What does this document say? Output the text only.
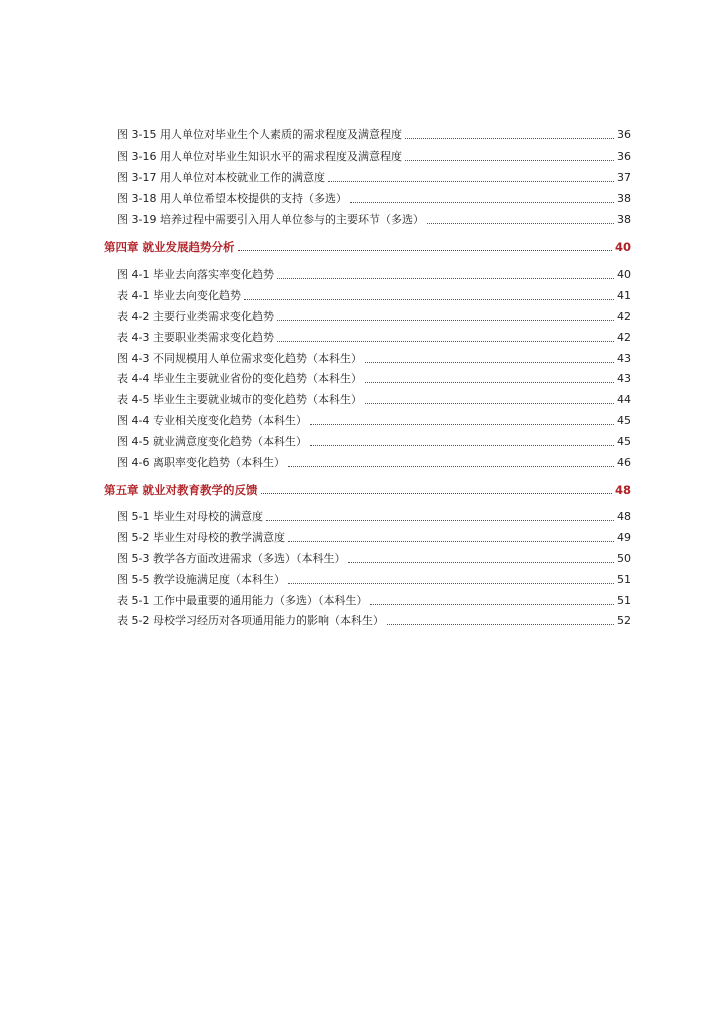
图 3-15 用人单位对毕业生个人素质的需求程度及满意程度	36
图 3-16 用人单位对毕业生知识水平的需求程度及满意程度	36
图 3-17 用人单位对本校就业工作的满意度	37
图 3-18 用人单位希望本校提供的支持（多选）	38
图 3-19 培养过程中需要引入用人单位参与的主要环节（多选）	38
第四章 就业发展趋势分析	40
图 4-1 毕业去向落实率变化趋势	40
表 4-1 毕业去向变化趋势	41
表 4-2 主要行业类需求变化趋势	42
表 4-3 主要职业类需求变化趋势	42
图 4-3 不同规模用人单位需求变化趋势（本科生）	43
表 4-4 毕业生主要就业省份的变化趋势（本科生）	43
表 4-5 毕业生主要就业城市的变化趋势（本科生）	44
图 4-4 专业相关度变化趋势（本科生）	45
图 4-5 就业满意度变化趋势（本科生）	45
图 4-6 离职率变化趋势（本科生）	46
第五章 就业对教育教学的反馈	48
图 5-1 毕业生对母校的满意度	48
图 5-2 毕业生对母校的教学满意度	49
图 5-3 教学各方面改进需求（多选）（本科生）	50
图 5-5 教学设施满足度（本科生）	51
表 5-1 工作中最重要的通用能力（多选）（本科生）	51
表 5-2 母校学习经历对各项通用能力的影响（本科生）	52
